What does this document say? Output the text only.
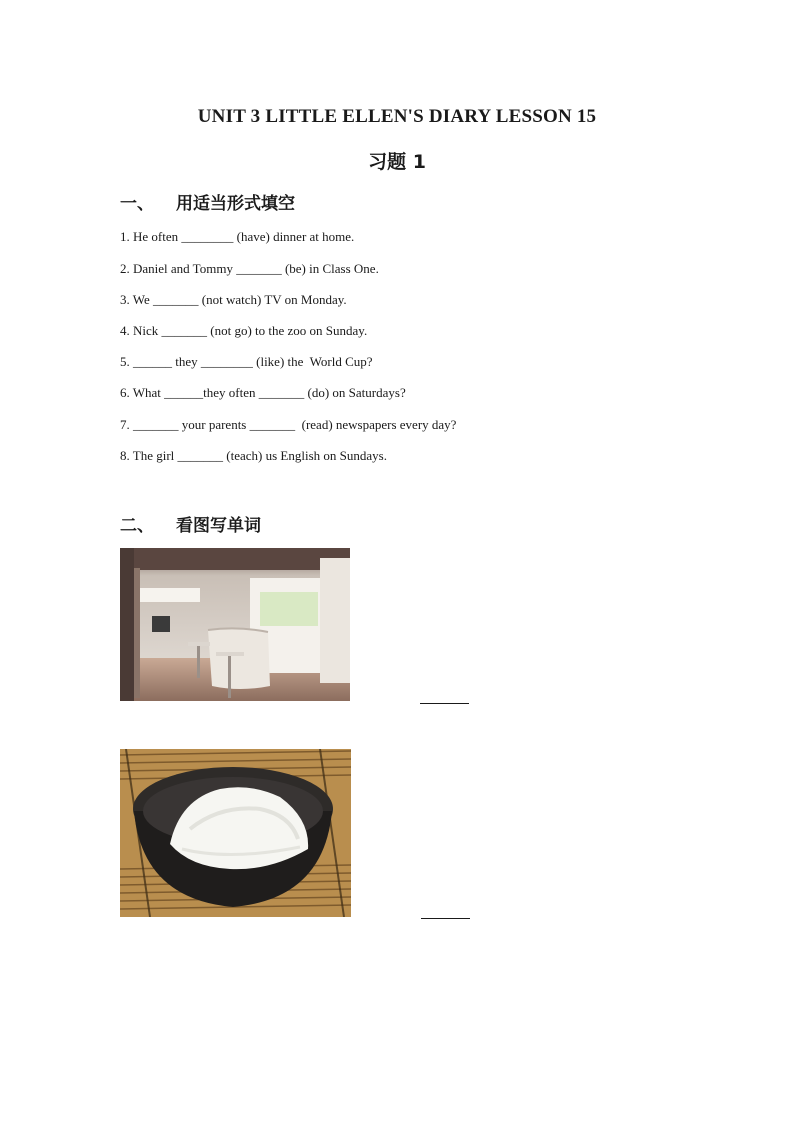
UNIT 3 LITTLE ELLEN'S DIARY LESSON 15
习题 1
一、 用适当形式填空
1. He often ________ (have) dinner at home.
2. Daniel and Tommy _______ (be) in Class One.
3. We _______ (not watch) TV on Monday.
4. Nick _______ (not go) to the zoo on Sunday.
5. ______ they ________ (like) the  World Cup?
6. What ______they often _______ (do) on Saturdays?
7. _______ your parents _______  (read) newspapers every day?
8. The girl _______ (teach) us English on Sundays.
二、 看图写单词
